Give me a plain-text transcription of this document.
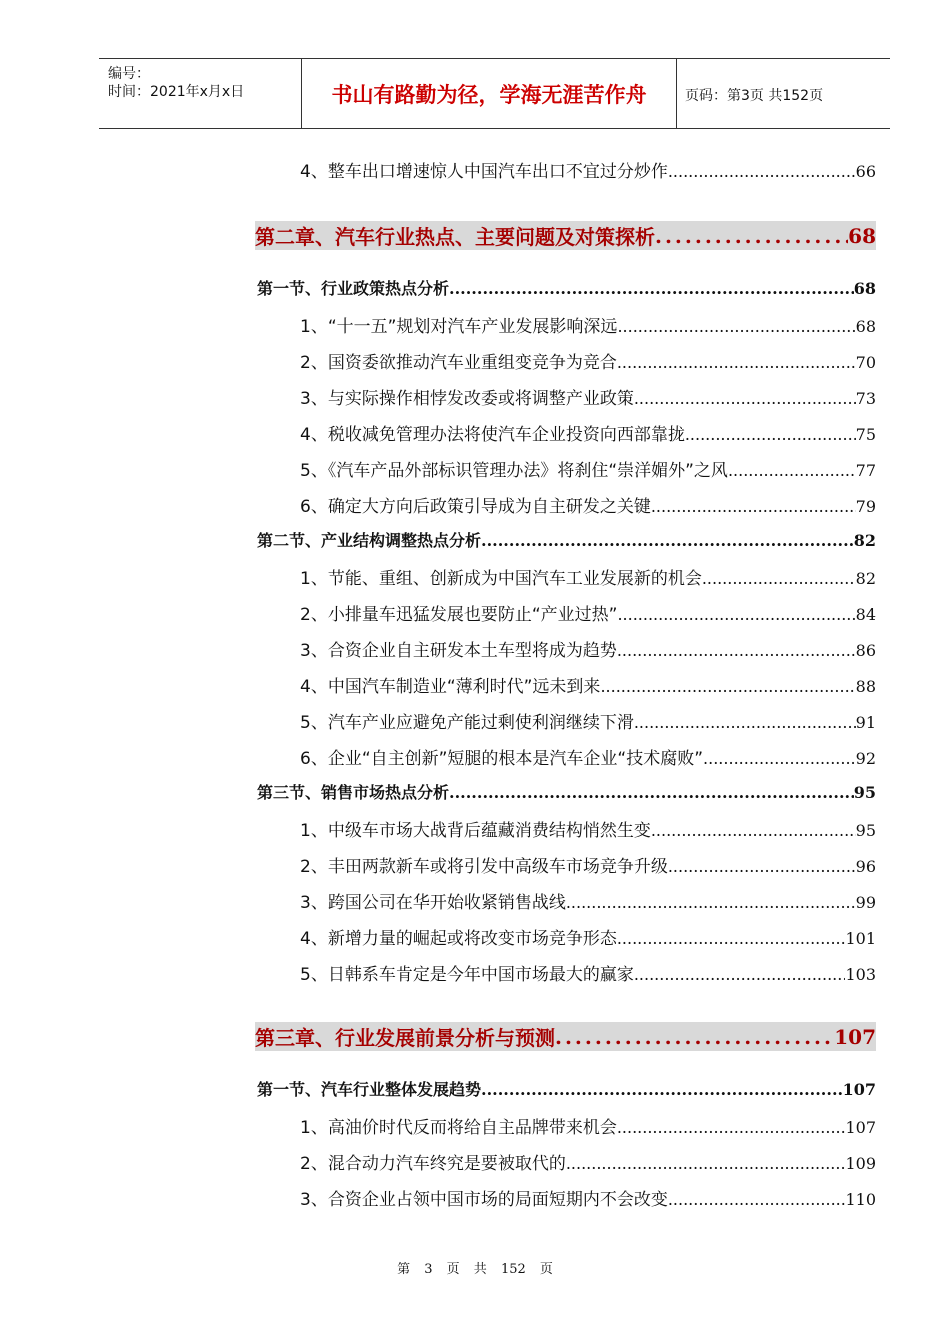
编号：
时间：2021年x月x日	书山有路勤为径，学海无涯苦作舟	页码：第3页 共152页
4、整车出口增速惊人中国汽车出口不宜过分炒作 .....	66
第二章、汽车行业热点、主要问题及对策探析 .....	68
第一节、行业政策热点分析 .....	68
1、“十一五”规划对汽车产业发展影响深远 .....	68
2、国资委欲推动汽车业重组变竞争为竞合 .....	70
3、与实际操作相悖发改委或将调整产业政策 .....	73
4、税收减免管理办法将使汽车企业投资向西部靠拢 .....	75
5、《汽车产品外部标识管理办法》将刹住“崇洋媚外”之风 .....	77
6、确定大方向后政策引导成为自主研发之关键 .....	79
第二节、产业结构调整热点分析 .....	82
1、节能、重组、创新成为中国汽车工业发展新的机会 .....	82
2、小排量车迅猛发展也要防止“产业过热” .....	84
3、合资企业自主研发本土车型将成为趋势 .....	86
4、中国汽车制造业“薄利时代”远未到来 .....	88
5、汽车产业应避免产能过剩使利润继续下滑 .....	91
6、企业“自主创新”短腿的根本是汽车企业“技术腐败” .....	92
第三节、销售市场热点分析 .....	95
1、中级车市场大战背后蕴藏消费结构悄然生变 .....	95
2、丰田两款新车或将引发中高级车市场竞争升级 .....	96
3、跨国公司在华开始收紧销售战线 .....	99
4、新增力量的崛起或将改变市场竞争形态 .....	101
5、日韩系车肯定是今年中国市场最大的赢家 .....	103
第三章、行业发展前景分析与预测 .....	107
第一节、汽车行业整体发展趋势 .....	107
1、高油价时代反而将给自主品牌带来机会 .....	107
2、混合动力汽车终究是要被取代的 .....	109
3、合资企业占领中国市场的局面短期内不会改变 .....	110
第 3 页 共 152 页
